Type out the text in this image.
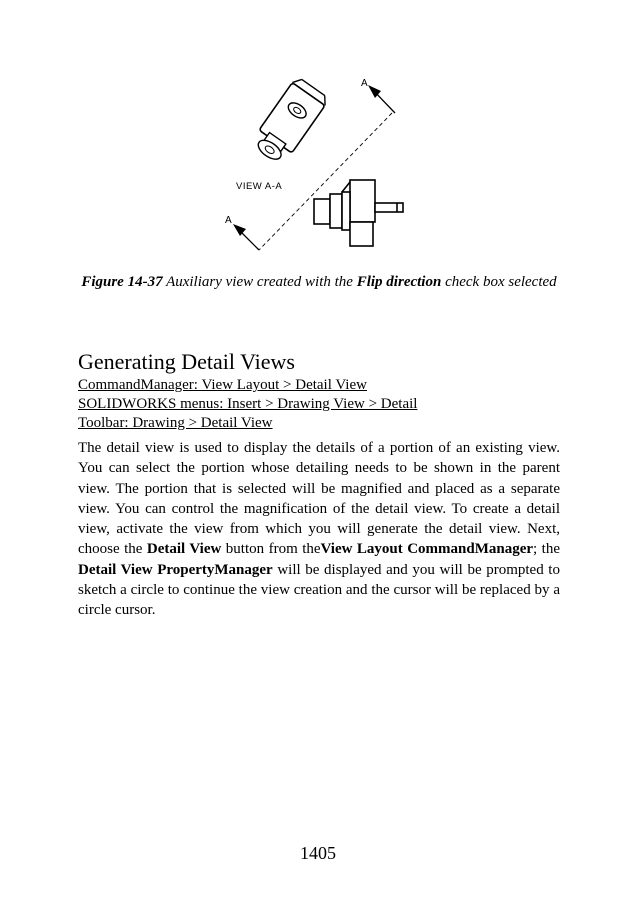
A
A
VIEW A-A
Figure 14-37 Auxiliary view created with the Flip direction check box selected
Generating Detail Views
CommandManager: View Layout > Detail View
SOLIDWORKS menus: Insert > Drawing View > Detail
Toolbar: Drawing > Detail View
The detail view is used to display the details of a portion of an existing view. You can select the portion whose detailing needs to be shown in the parent view. The portion that is selected will be magnified and placed as a separate view. You can control the magnification of the detail view. To create a detail view, activate the view from which you will generate the detail view. Next, choose the Detail View button from theView Layout CommandManager; the Detail View PropertyManager will be displayed and you will be prompted to sketch a circle to continue the view creation and the cursor will be replaced by a circle cursor.
1405
